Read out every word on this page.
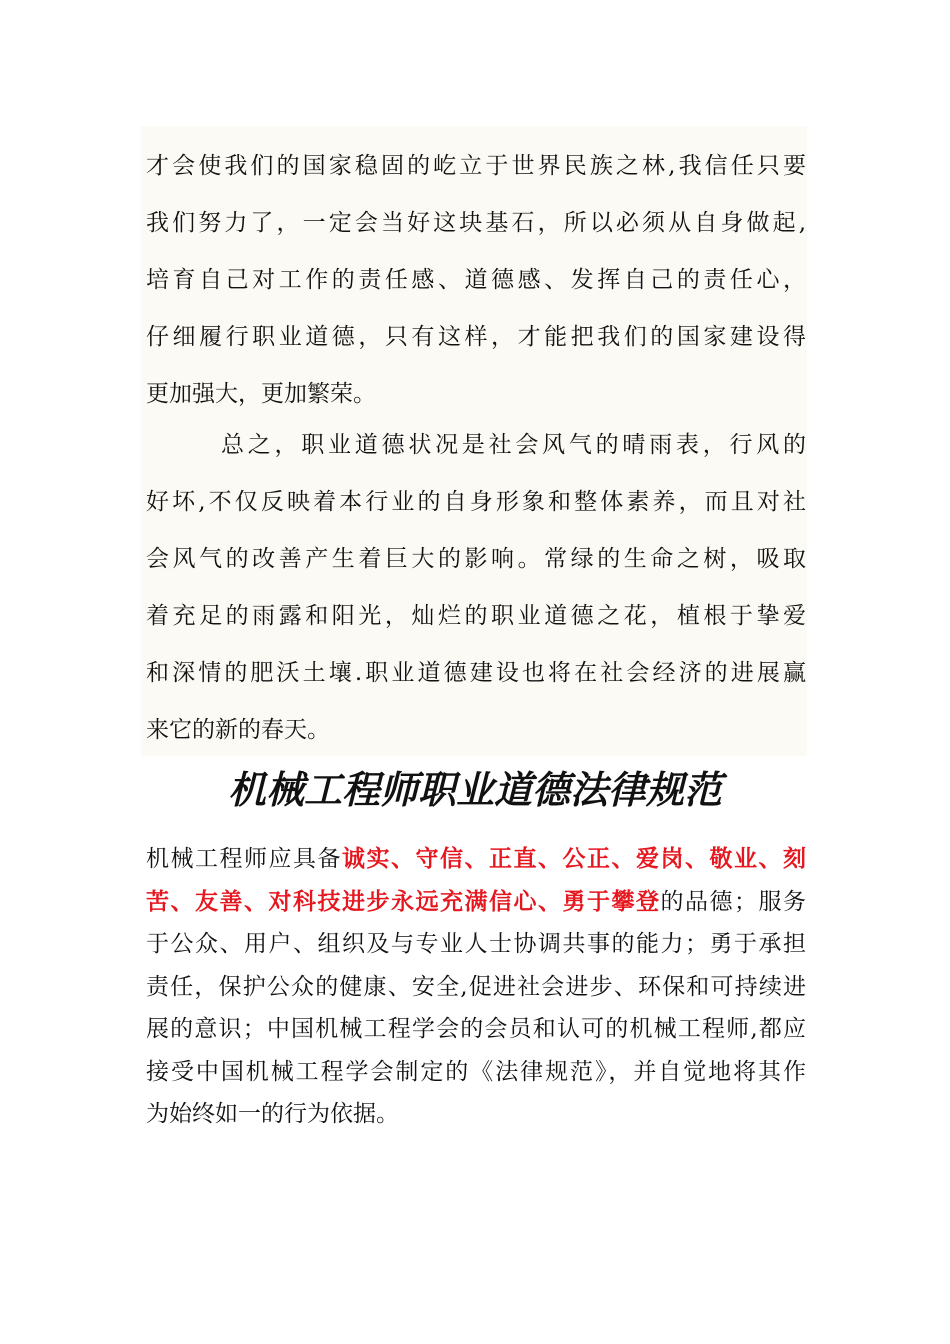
才会使我们的国家稳固的屹立于世界民族之林,我信任只要
我们努力了，一定会当好这块基石，所以必须从自身做起,
培育自己对工作的责任感、道德感、发挥自己的责任心，
仔细履行职业道德，只有这样，才能把我们的国家建设得
更加强大，更加繁荣。
总之，职业道德状况是社会风气的晴雨表，行风的
好坏,不仅反映着本行业的自身形象和整体素养，而且对社
会风气的改善产生着巨大的影响。常绿的生命之树，吸取
着充足的雨露和阳光，灿烂的职业道德之花，植根于挚爱
和深情的肥沃土壤.职业道德建设也将在社会经济的进展赢
来它的新的春天。
机械工程师职业道德法律规范
机械工程师应具备诚实、守信、正直、公正、爱岗、敬业、刻
苦、友善、对科技进步永远充满信心、勇于攀登的品德；服务
于公众、用户、组织及与专业人士协调共事的能力；勇于承担
责任，保护公众的健康、安全,促进社会进步、环保和可持续进
展的意识；中国机械工程学会的会员和认可的机械工程师,都应
接受中国机械工程学会制定的《法律规范》，并自觉地将其作
为始终如一的行为依据。
